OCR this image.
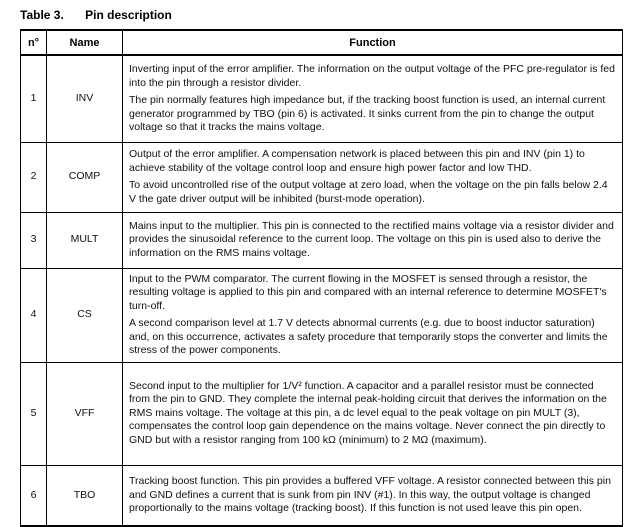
Table 3. Pin description
n°	Name	Function
1	INV	Inverting input of the error amplifier. The information on the output voltage of the PFC pre-regulator is fed into the pin through a resistor divider.

The pin normally features high impedance but, if the tracking boost function is used, an internal current generator programmed by TBO (pin 6) is activated. It sinks current from the pin to change the output voltage so that it tracks the mains voltage.

2	COMP	Output of the error amplifier. A compensation network is placed between this pin and INV (pin 1) to achieve stability of the voltage control loop and ensure high power factor and low THD.

To avoid uncontrolled rise of the output voltage at zero load, when the voltage on the pin falls below 2.4 V the gate driver output will be inhibited (burst-mode operation).

3	MULT	Mains input to the multiplier. This pin is connected to the rectified mains voltage via a resistor divider and provides the sinusoidal reference to the current loop. The voltage on this pin is used also to derive the information on the RMS mains voltage.

4	CS	Input to the PWM comparator. The current flowing in the MOSFET is sensed through a resistor, the resulting voltage is applied to this pin and compared with an internal reference to determine MOSFET's turn-off.

A second comparison level at 1.7 V detects abnormal currents (e.g. due to boost inductor saturation) and, on this occurrence, activates a safety procedure that temporarily stops the converter and limits the stress of the power components.

5	VFF	Second input to the multiplier for 1/V² function. A capacitor and a parallel resistor must be connected from the pin to GND. They complete the internal peak-holding circuit that derives the information on the RMS mains voltage. The voltage at this pin, a dc level equal to the peak voltage on pin MULT (3), compensates the control loop gain dependence on the mains voltage. Never connect the pin directly to GND but with a resistor ranging from 100 kΩ (minimum) to 2 MΩ (maximum).

6	TBO	Tracking boost function. This pin provides a buffered VFF voltage. A resistor connected between this pin and GND defines a current that is sunk from pin INV (#1). In this way, the output voltage is changed proportionally to the mains voltage (tracking boost). If this function is not used leave this pin open.
